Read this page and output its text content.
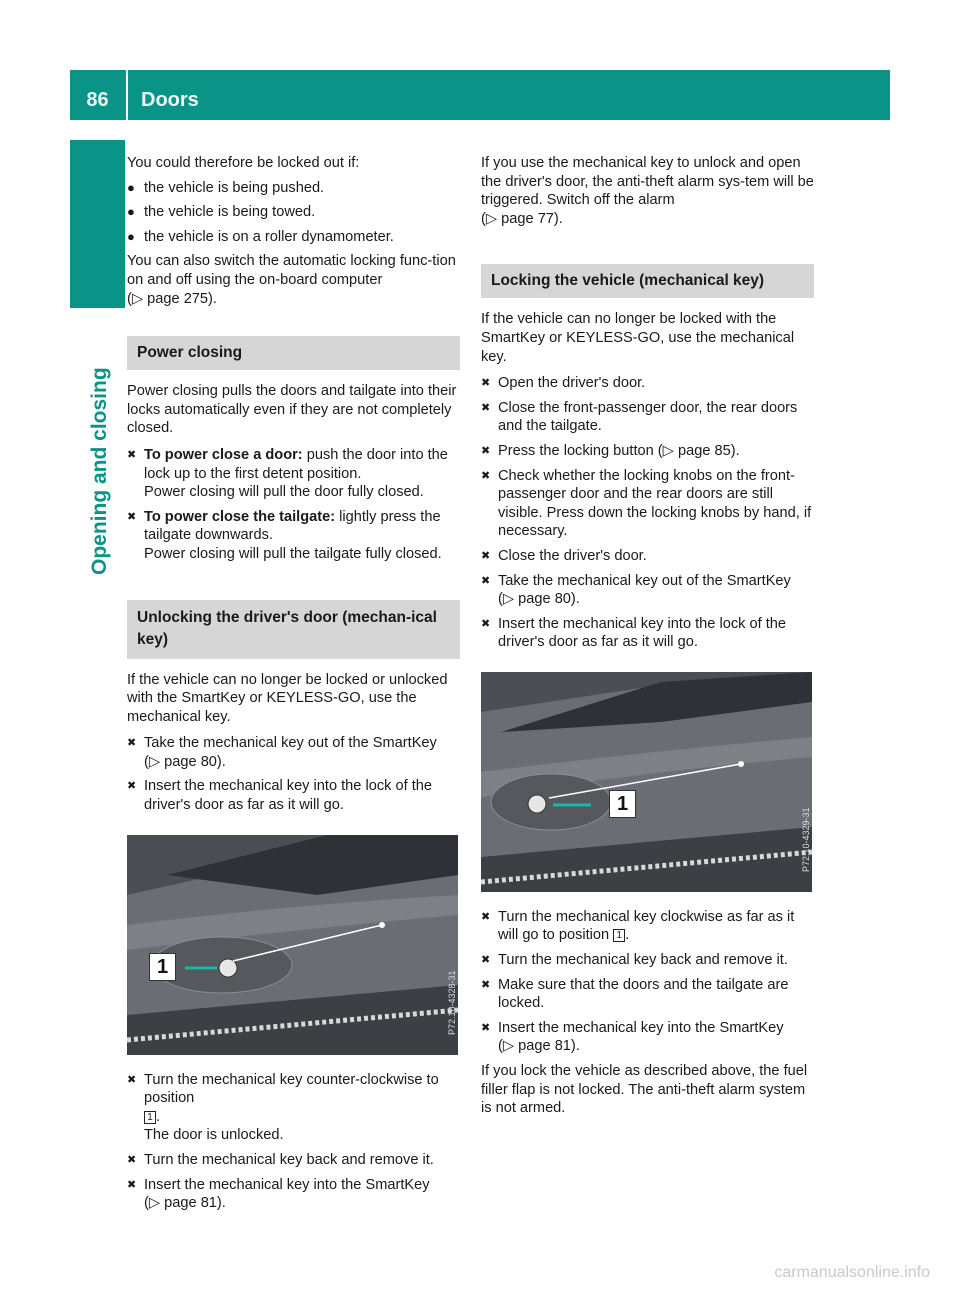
86	Doors
Opening and closing

You could therefore be locked out if:

● the vehicle is being pushed.
● the vehicle is being towed.
● the vehicle is on a roller dynamometer.

You can also switch the automatic locking func-tion on and off using the on-board computer
(▷ page 275).

Power closing

Power closing pulls the doors and tailgate into their locks automatically even if they are not completely closed.

✖ To power close a door: push the door into the lock up to the first detent position.
Power closing will pull the door fully closed.
✖ To power close the tailgate: lightly press the tailgate downwards.
Power closing will pull the tailgate fully closed.
Unlocking the driver's door (mechan-ical key)

If the vehicle can no longer be locked or unlocked with the SmartKey or KEYLESS-GO, use the mechanical key.

✖ Take the mechanical key out of the SmartKey
(▷ page 80).
✖ Insert the mechanical key into the lock of the driver's door as far as it will go.
1
P72.10-4328-31
✖ Turn the mechanical key counter-clockwise to position
1 .
The door is unlocked.
✖ Turn the mechanical key back and remove it.
✖ Insert the mechanical key into the SmartKey
(▷ page 81).

If you use the mechanical key to unlock and open the driver's door, the anti-theft alarm sys-tem will be triggered. Switch off the alarm
(▷ page 77).

Locking the vehicle (mechanical key)

If the vehicle can no longer be locked with the SmartKey or KEYLESS-GO, use the mechanical key.

✖ Open the driver's door.
✖ Close the front-passenger door, the rear doors and the tailgate.
✖ Press the locking button (▷ page 85).
✖ Check whether the locking knobs on the front-passenger door and the rear doors are still visible. Press down the locking knobs by hand, if necessary.
✖ Close the driver's door.
✖ Take the mechanical key out of the SmartKey
(▷ page 80).
✖ Insert the mechanical key into the lock of the driver's door as far as it will go.
1
P72.10-4329-31
✖ Turn the mechanical key clockwise as far as it will go to position 1 .
✖ Turn the mechanical key back and remove it.
✖ Make sure that the doors and the tailgate are locked.
✖ Insert the mechanical key into the SmartKey
(▷ page 81).

If you lock the vehicle as described above, the fuel filler flap is not locked. The anti-theft alarm system is not armed.

carmanualsonline.info
